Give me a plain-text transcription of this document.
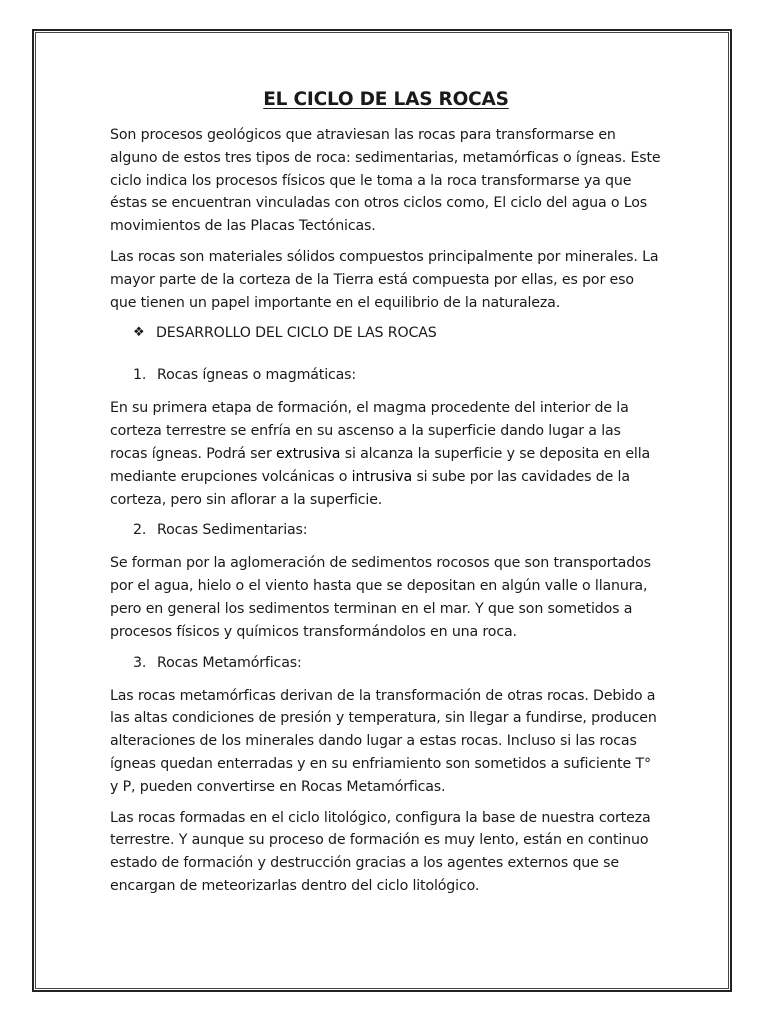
EL CICLO DE LAS ROCAS

Son procesos geológicos que atraviesan las rocas para transformarse en alguno de estos tres tipos de roca: sedimentarias, metamórficas o ígneas. Este ciclo indica los procesos físicos que le toma a la roca transformarse ya que éstas se encuentran vinculadas con otros ciclos como, El ciclo del agua o Los movimientos de las Placas Tectónicas.

Las rocas son materiales sólidos compuestos principalmente por minerales. La mayor parte de la corteza de la Tierra está compuesta por ellas, es por eso que tienen un papel importante en el equilibrio de la naturaleza.

❖ DESARROLLO DEL CICLO DE LAS ROCAS
1. Rocas ígneas o magmáticas:

En su primera etapa de formación, el magma procedente del interior de la corteza terrestre se enfría en su ascenso a la superficie dando lugar a las rocas ígneas. Podrá ser extrusiva si alcanza la superficie y se deposita en ella mediante erupciones volcánicas o intrusiva si sube por las cavidades de la corteza, pero sin aflorar a la superficie.

2. Rocas Sedimentarias:

Se forman por la aglomeración de sedimentos rocosos que son transportados por el agua, hielo o el viento hasta que se depositan en algún valle o llanura, pero en general los sedimentos terminan en el mar. Y que son sometidos a procesos físicos y químicos transformándolos en una roca.

3. Rocas Metamórficas:

Las rocas metamórficas derivan de la transformación de otras rocas. Debido a las altas condiciones de presión y temperatura, sin llegar a fundirse, producen alteraciones de los minerales dando lugar a estas rocas. Incluso si las rocas ígneas quedan enterradas y en su enfriamiento son sometidos a suficiente T° y P, pueden convertirse en Rocas Metamórficas.

Las rocas formadas en el ciclo litológico, configura la base de nuestra corteza terrestre. Y aunque su proceso de formación es muy lento, están en continuo estado de formación y destrucción gracias a los agentes externos que se encargan de meteorizarlas dentro del ciclo litológico.
